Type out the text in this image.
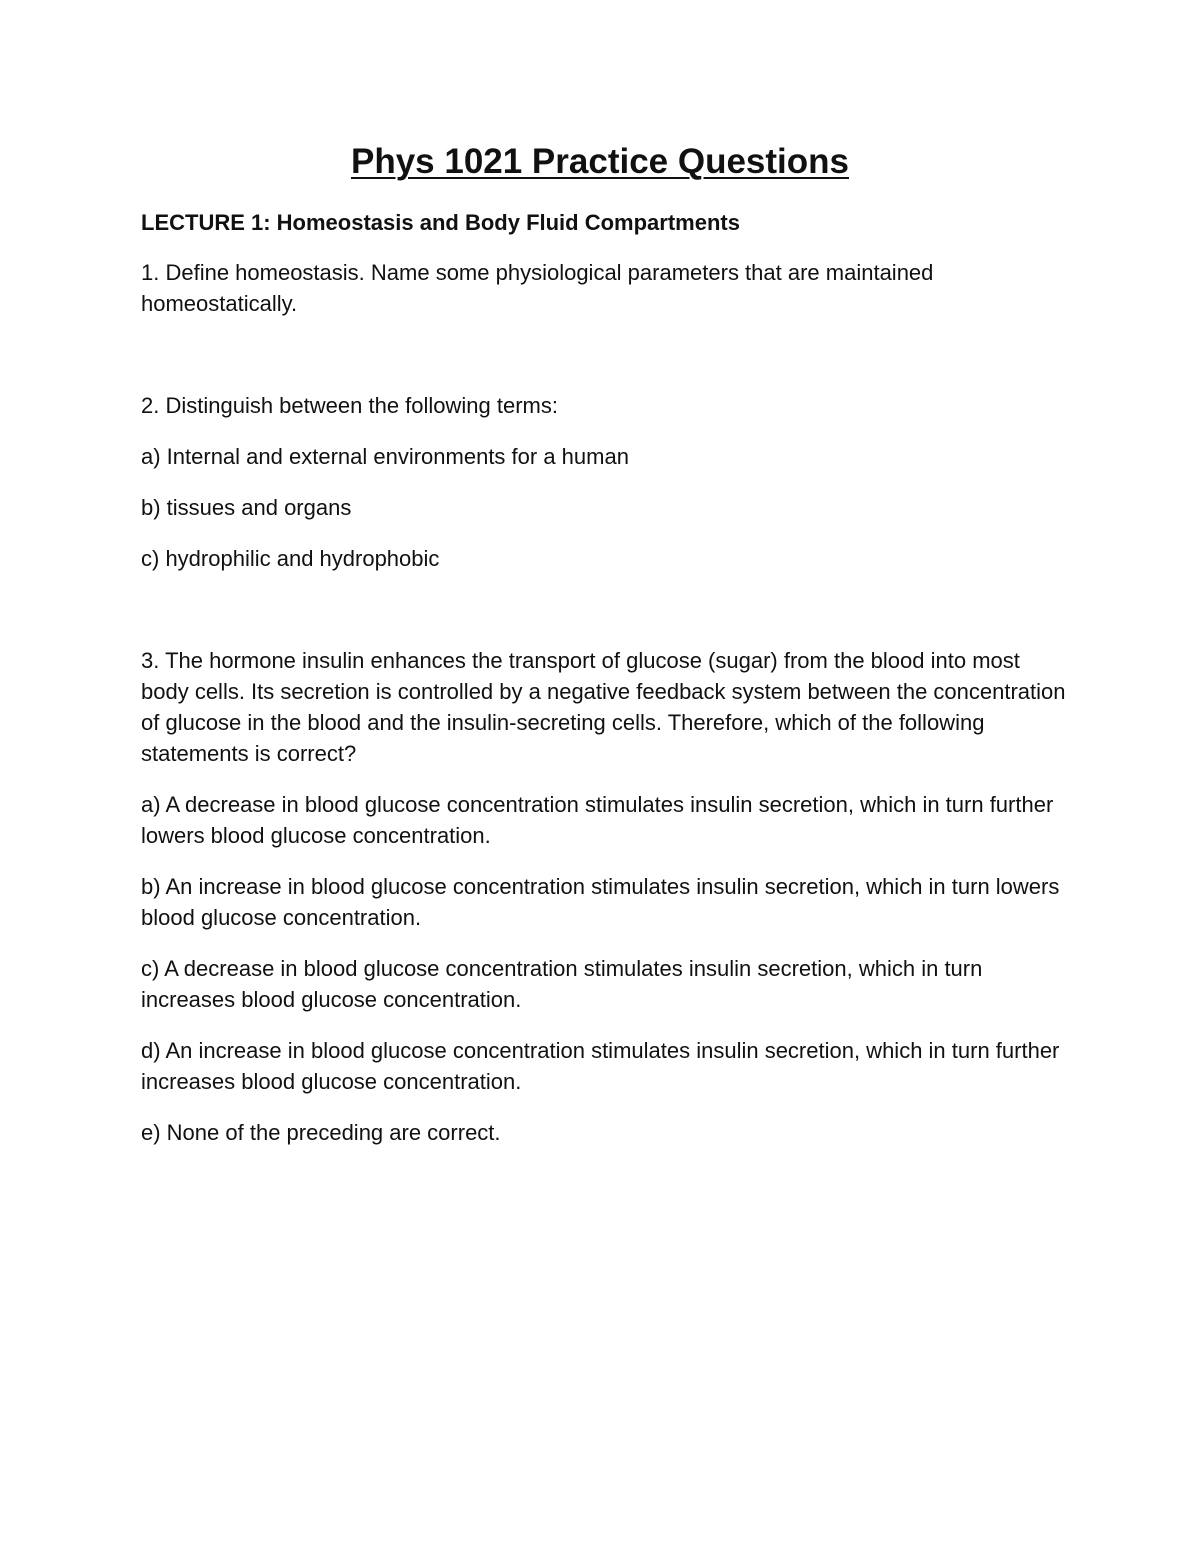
Phys 1021 Practice Questions

LECTURE 1: Homeostasis and Body Fluid Compartments

1. Define homeostasis. Name some physiological parameters that are maintained homeostatically.

2. Distinguish between the following terms:

a) Internal and external environments for a human

b) tissues and organs

c) hydrophilic and hydrophobic

3. The hormone insulin enhances the transport of glucose (sugar) from the blood into most body cells. Its secretion is controlled by a negative feedback system between the concentration of glucose in the blood and the insulin-secreting cells. Therefore, which of the following statements is correct?

a) A decrease in blood glucose concentration stimulates insulin secretion, which in turn further lowers blood glucose concentration.

b) An increase in blood glucose concentration stimulates insulin secretion, which in turn lowers blood glucose concentration.

c) A decrease in blood glucose concentration stimulates insulin secretion, which in turn increases blood glucose concentration.

d) An increase in blood glucose concentration stimulates insulin secretion, which in turn further increases blood glucose concentration.

e) None of the preceding are correct.
